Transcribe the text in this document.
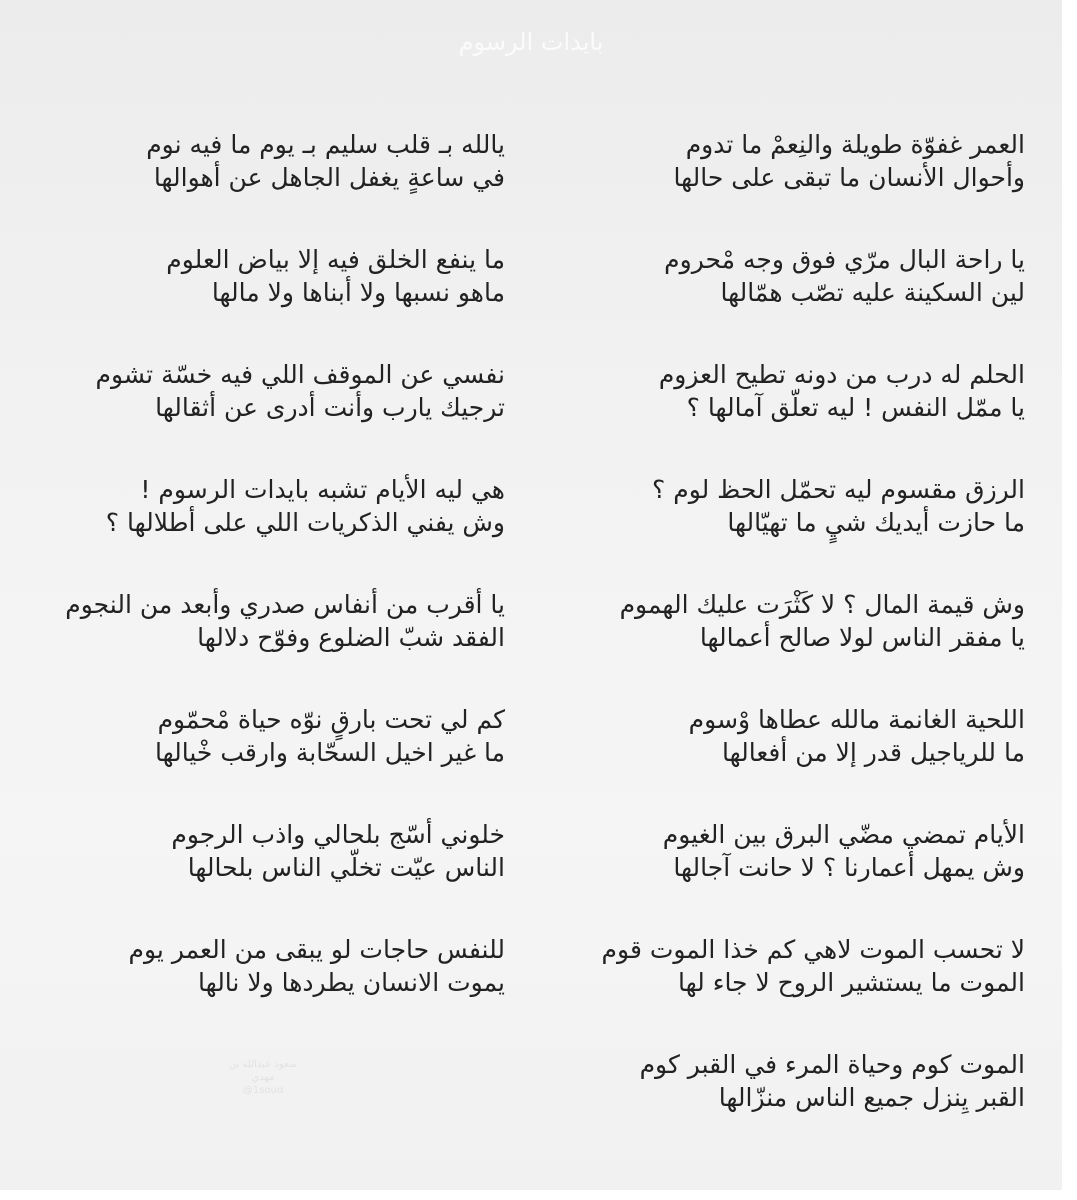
بايدات الرسوم
العمر غفوّة طويلة والنِعمْ ما تدوم
وأحوال الأنسان ما تبقى على حالها
يا راحة البال مرّي فوق وجه مْحروم
لين السكينة عليه تصّب همّالها
الحلم له درب من دونه تطيح العزوم
يا ممّل النفس ! ليه تعلّق آمالها ؟
الرزق مقسوم ليه تحمّل الحظ لوم ؟
ما حازت أيديك شيٍ ما تهيّالها
وش قيمة المال ؟ لا كَثْرَت عليك الهموم
يا مفقر الناس لولا صالح أعمالها
اللحية الغانمة مالله عطاها وْسوم
ما للرياجيل قدر إلا من أفعالها
الأيام تمضي مضّي البرق بين الغيوم
وش يمهل أعمارنا ؟ لا حانت آجالها
لا تحسب الموت لاهي كم خذا الموت قوم
الموت ما يستشير الروح لا جاء لها
الموت كوم وحياة المرء في القبر كوم
القبر يِنزل جميع الناس منزّالها
يالله بـ قلب سليم بـ يوم ما فيه نوم
في ساعةٍ يغفل الجاهل عن أهوالها
ما ينفع الخلق فيه إلا بياض العلوم
ماهو نسبها ولا أبناها ولا مالها
نفسي عن الموقف اللي فيه خسّة تشوم
ترجيك يارب وأنت أدرى عن أثقالها
هي ليه الأيام تشبه بايدات الرسوم !
وش يفني الذكريات اللي على أطلالها ؟
يا أقرب من أنفاس صدري وأبعد من النجوم
الفقد شبّ الضلوع وفوّح دلالها
كم لي تحت بارقٍ نوّه حياة مْحمّوم
ما غير اخيل السحّابة وارقب خْيالها
خلوني أسّج بلحالي واذب الرجوم
الناس عيّت تخلّي الناس بلحالها
للنفس حاجات لو يبقى من العمر يوم
يموت الانسان يطردها ولا نالها
سعود عبدالله بن مهدي
@1soud
